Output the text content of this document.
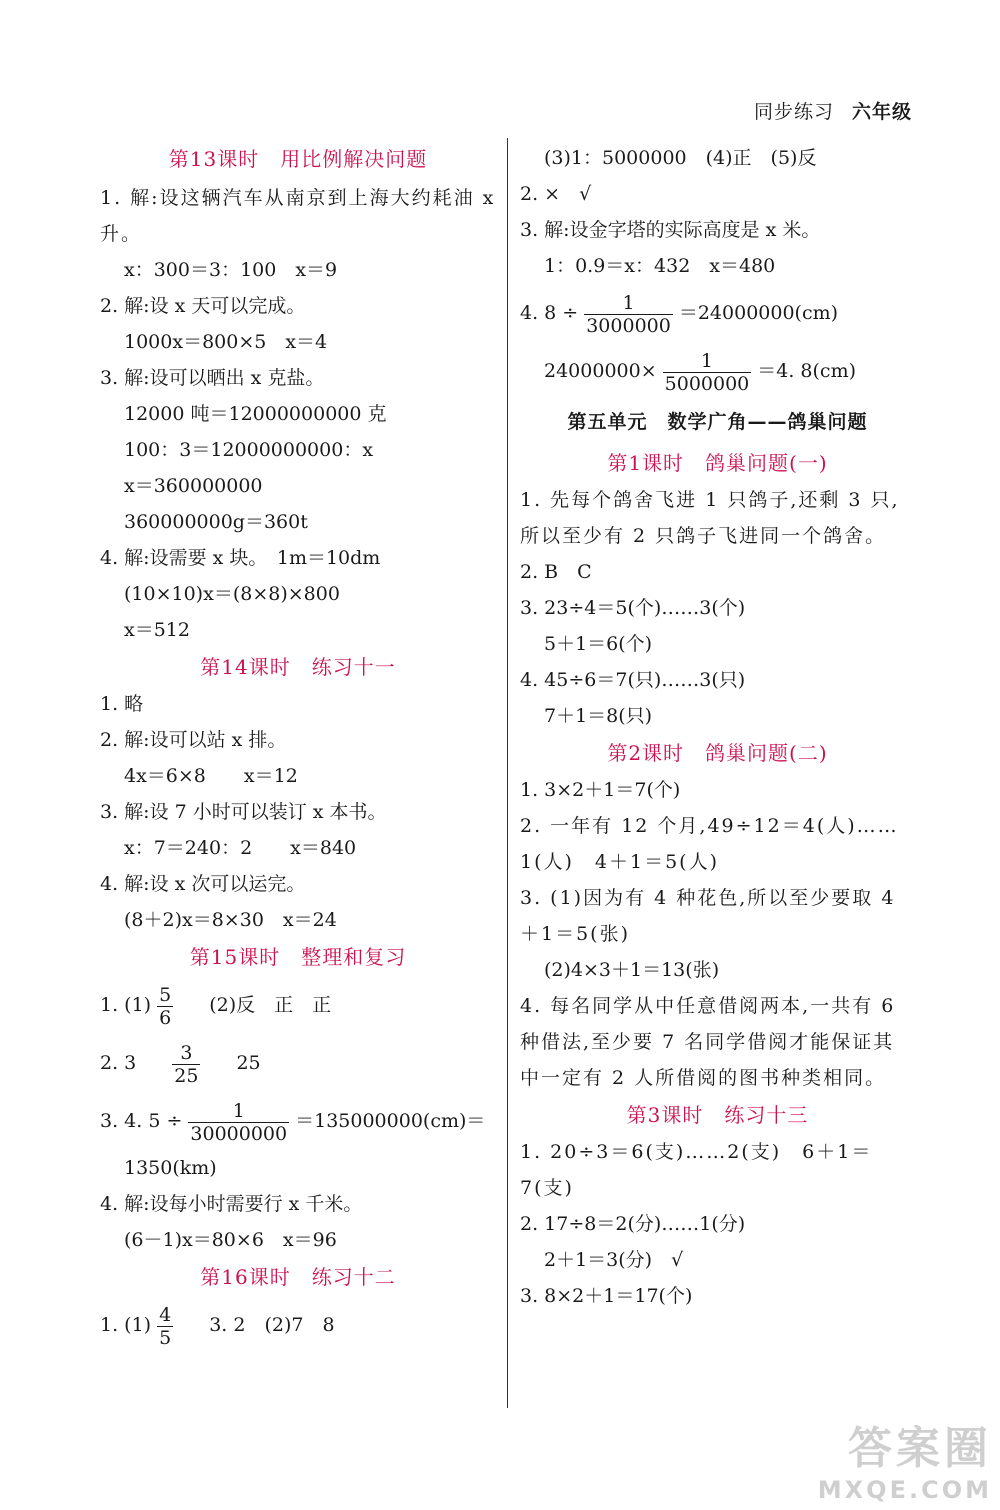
同步练习 六年级
第13课时　用比例解决问题
1. 解:设这辆汽车从南京到上海大约耗油 x 升。
x：300＝3：100　x＝9
2. 解:设 x 天可以完成。
1000x＝800×5　x＝4
3. 解:设可以晒出 x 克盐。
12000 吨＝12000000000 克
100：3＝12000000000：x
x＝360000000
360000000g＝360t
4. 解:设需要 x 块。　1m＝10dm
(10×10)x＝(8×8)×800
x＝512
第14课时　练习十一
1. 略
2. 解:设可以站 x 排。
4x＝6×8　　x＝12
3. 解:设 7 小时可以装订 x 本书。
x：7＝240：2　　x＝840
4. 解:设 x 次可以运完。
(8＋2)x＝8×30　x＝24
第15课时　整理和复习
1. $(1) \frac{5}{6} (2)$反　正　正
2. $3 \frac{3}{25} 25$
3. 4. $5 \div \frac{1}{30000000} =135000000(cm)=$
1350(km)
4. 解:设每小时需要行 x 千米。
(6－1)x＝80×6　x＝96
第16课时　练习十二
1. $(1) \frac{4}{5} 3$. 2　(2)7　8
(3)1：5000000　(4)正　(5)反
2. ×　√
3. 解:设金字塔的实际高度是 x 米。
1：0.9＝x：432　x＝480
4. $8 \div \frac{1}{3000000} =24000000(cm)$
$24000000\times \frac{1}{5000000} =4$. 8(cm)
第五单元　数学广角——鸽巢问题
第1课时　鸽巢问题(一)
1. 先每个鸽舍飞进 1 只鸽子,还剩 3 只,所以至少有 2 只鸽子飞进同一个鸽舍。
2. B　C
3. 23÷4＝5(个)……3(个)
5＋1＝6(个)
4. 45÷6＝7(只)……3(只)
7＋1＝8(只)
第2课时　鸽巢问题(二)
1. 3×2＋1＝7(个)
2. 一年有 12 个月,49÷12＝4(人)……1(人)　4＋1＝5(人)
3. (1)因为有 4 种花色,所以至少要取 4＋1＝5(张)
(2)4×3＋1＝13(张)
4. 每名同学从中任意借阅两本,一共有 6 种借法,至少要 7 名同学借阅才能保证其中一定有 2 人所借阅的图书种类相同。
第3课时　练习十三
1. 20÷3＝6(支)……2(支)　6＋1＝7(支)
2. 17÷8＝2(分)……1(分)
2＋1＝3(分)　√
3. 8×2＋1＝17(个)
答案圈
MXQE.COM
